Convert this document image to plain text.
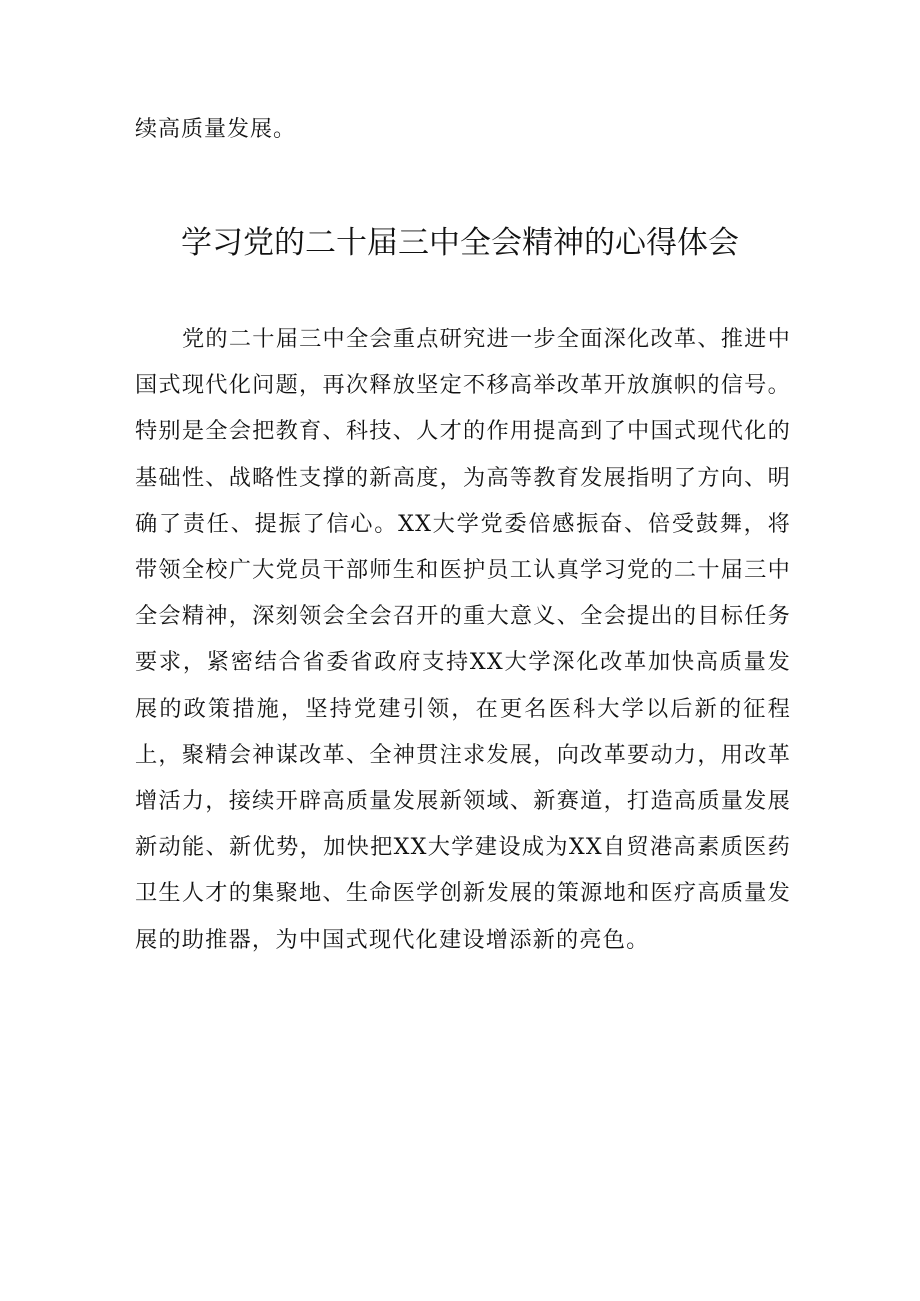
续高质量发展。

学习党的二十届三中全会精神的心得体会

党的二十届三中全会重点研究进一步全面深化改革、推进中国式现代化问题，再次释放坚定不移高举改革开放旗帜的信号。特别是全会把教育、科技、人才的作用提高到了中国式现代化的基础性、战略性支撑的新高度，为高等教育发展指明了方向、明确了责任、提振了信心。XX大学党委倍感振奋、倍受鼓舞，将带领全校广大党员干部师生和医护员工认真学习党的二十届三中全会精神，深刻领会全会召开的重大意义、全会提出的目标任务要求，紧密结合省委省政府支持XX大学深化改革加快高质量发展的政策措施，坚持党建引领，在更名医科大学以后新的征程上，聚精会神谋改革、全神贯注求发展，向改革要动力，用改革增活力，接续开辟高质量发展新领域、新赛道，打造高质量发展新动能、新优势，加快把XX大学建设成为XX自贸港高素质医药卫生人才的集聚地、生命医学创新发展的策源地和医疗高质量发展的助推器，为中国式现代化建设增添新的亮色。
